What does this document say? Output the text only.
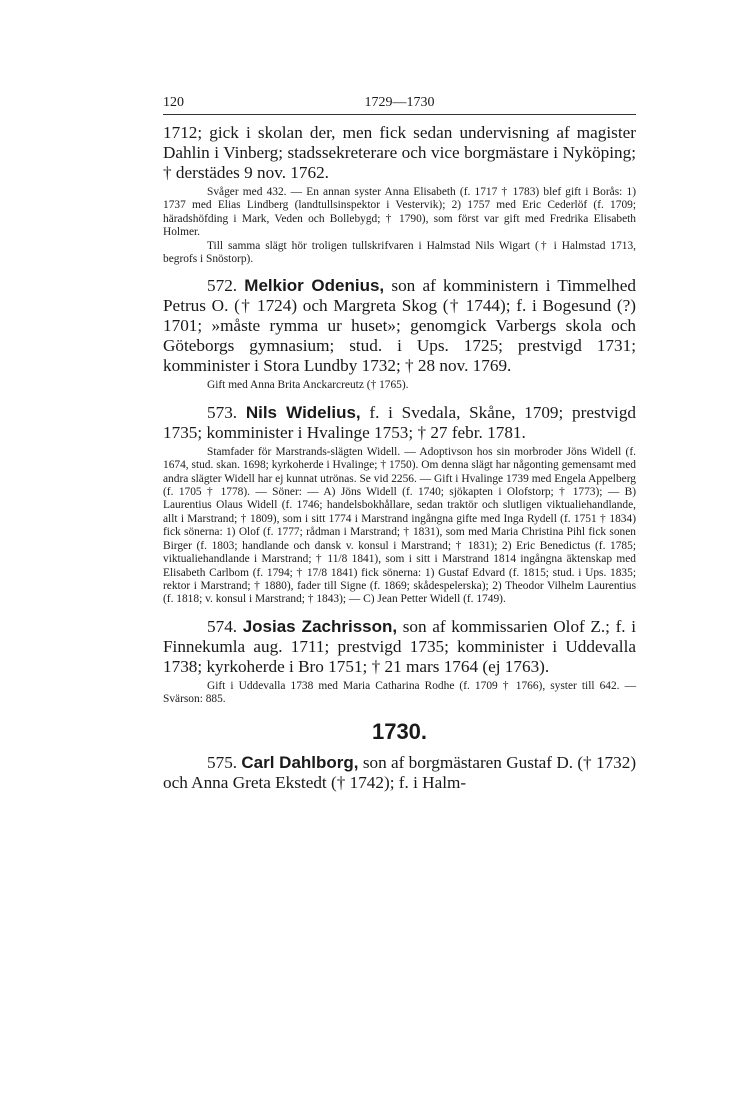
120	1729—1730

1712; gick i skolan der, men fick sedan undervisning af magister Dahlin i Vinberg; stadssekreterare och vice borgmästare i Nyköping; † derstädes 9 nov. 1762.

Svåger med 432. — En annan syster Anna Elisabeth (f. 1717 † 1783) blef gift i Borås: 1) 1737 med Elias Lindberg (landtullsinspektor i Vestervik); 2) 1757 med Eric Cederlöf (f. 1709; häradshöfding i Mark, Veden och Bollebygd; † 1790), som först var gift med Fredrika Elisabeth Holmer.

Till samma slägt hör troligen tullskrifvaren i Halmstad Nils Wigart († i Halmstad 1713, begrofs i Snöstorp).

572. Melkior Odenius, son af komministern i Timmelhed Petrus O. († 1724) och Margreta Skog († 1744); f. i Bogesund (?) 1701; »måste rymma ur huset»; genomgick Varbergs skola och Göteborgs gymnasium; stud. i Ups. 1725; prestvigd 1731; komminister i Stora Lundby 1732; † 28 nov. 1769.

Gift med Anna Brita Anckarcreutz († 1765).

573. Nils Widelius, f. i Svedala, Skåne, 1709; prestvigd 1735; komminister i Hvalinge 1753; † 27 febr. 1781.

Stamfader för Marstrands-slägten Widell. — Adoptivson hos sin morbroder Jöns Widell (f. 1674, stud. skan. 1698; kyrkoherde i Hvalinge; † 1750). Om denna slägt har någonting gemensamt med andra slägter Widell har ej kunnat utrönas. Se vid 2256. — Gift i Hvalinge 1739 med Engela Appelberg (f. 1705 † 1778). — Söner: — A) Jöns Widell (f. 1740; sjökapten i Olofstorp; † 1773); — B) Laurentius Olaus Widell (f. 1746; handelsbokhållare, sedan traktör och slutligen viktualiehandlande, allt i Marstrand; † 1809), som i sitt 1774 i Marstrand ingångna gifte med Inga Rydell (f. 1751 † 1834) fick sönerna: 1) Olof (f. 1777; rådman i Marstrand; † 1831), som med Maria Christina Pihl fick sonen Birger (f. 1803; handlande och dansk v. konsul i Marstrand; † 1831); 2) Eric Benedictus (f. 1785; viktualiehandlande i Marstrand; † 11/8 1841), som i sitt i Marstrand 1814 ingångna äktenskap med Elisabeth Carlbom (f. 1794; † 17/8 1841) fick sönerna: 1) Gustaf Edvard (f. 1815; stud. i Ups. 1835; rektor i Marstrand; † 1880), fader till Signe (f. 1869; skådespelerska); 2) Theodor Vilhelm Laurentius (f. 1818; v. konsul i Marstrand; † 1843); — C) Jean Petter Widell (f. 1749).

574. Josias Zachrisson, son af kommissarien Olof Z.; f. i Finnekumla aug. 1711; prestvigd 1735; komminister i Uddevalla 1738; kyrkoherde i Bro 1751; † 21 mars 1764 (ej 1763).

Gift i Uddevalla 1738 med Maria Catharina Rodhe (f. 1709 † 1766), syster till 642. — Svärson: 885.

1730.

575. Carl Dahlborg, son af borgmästaren Gustaf D. († 1732) och Anna Greta Ekstedt († 1742); f. i Halm-
